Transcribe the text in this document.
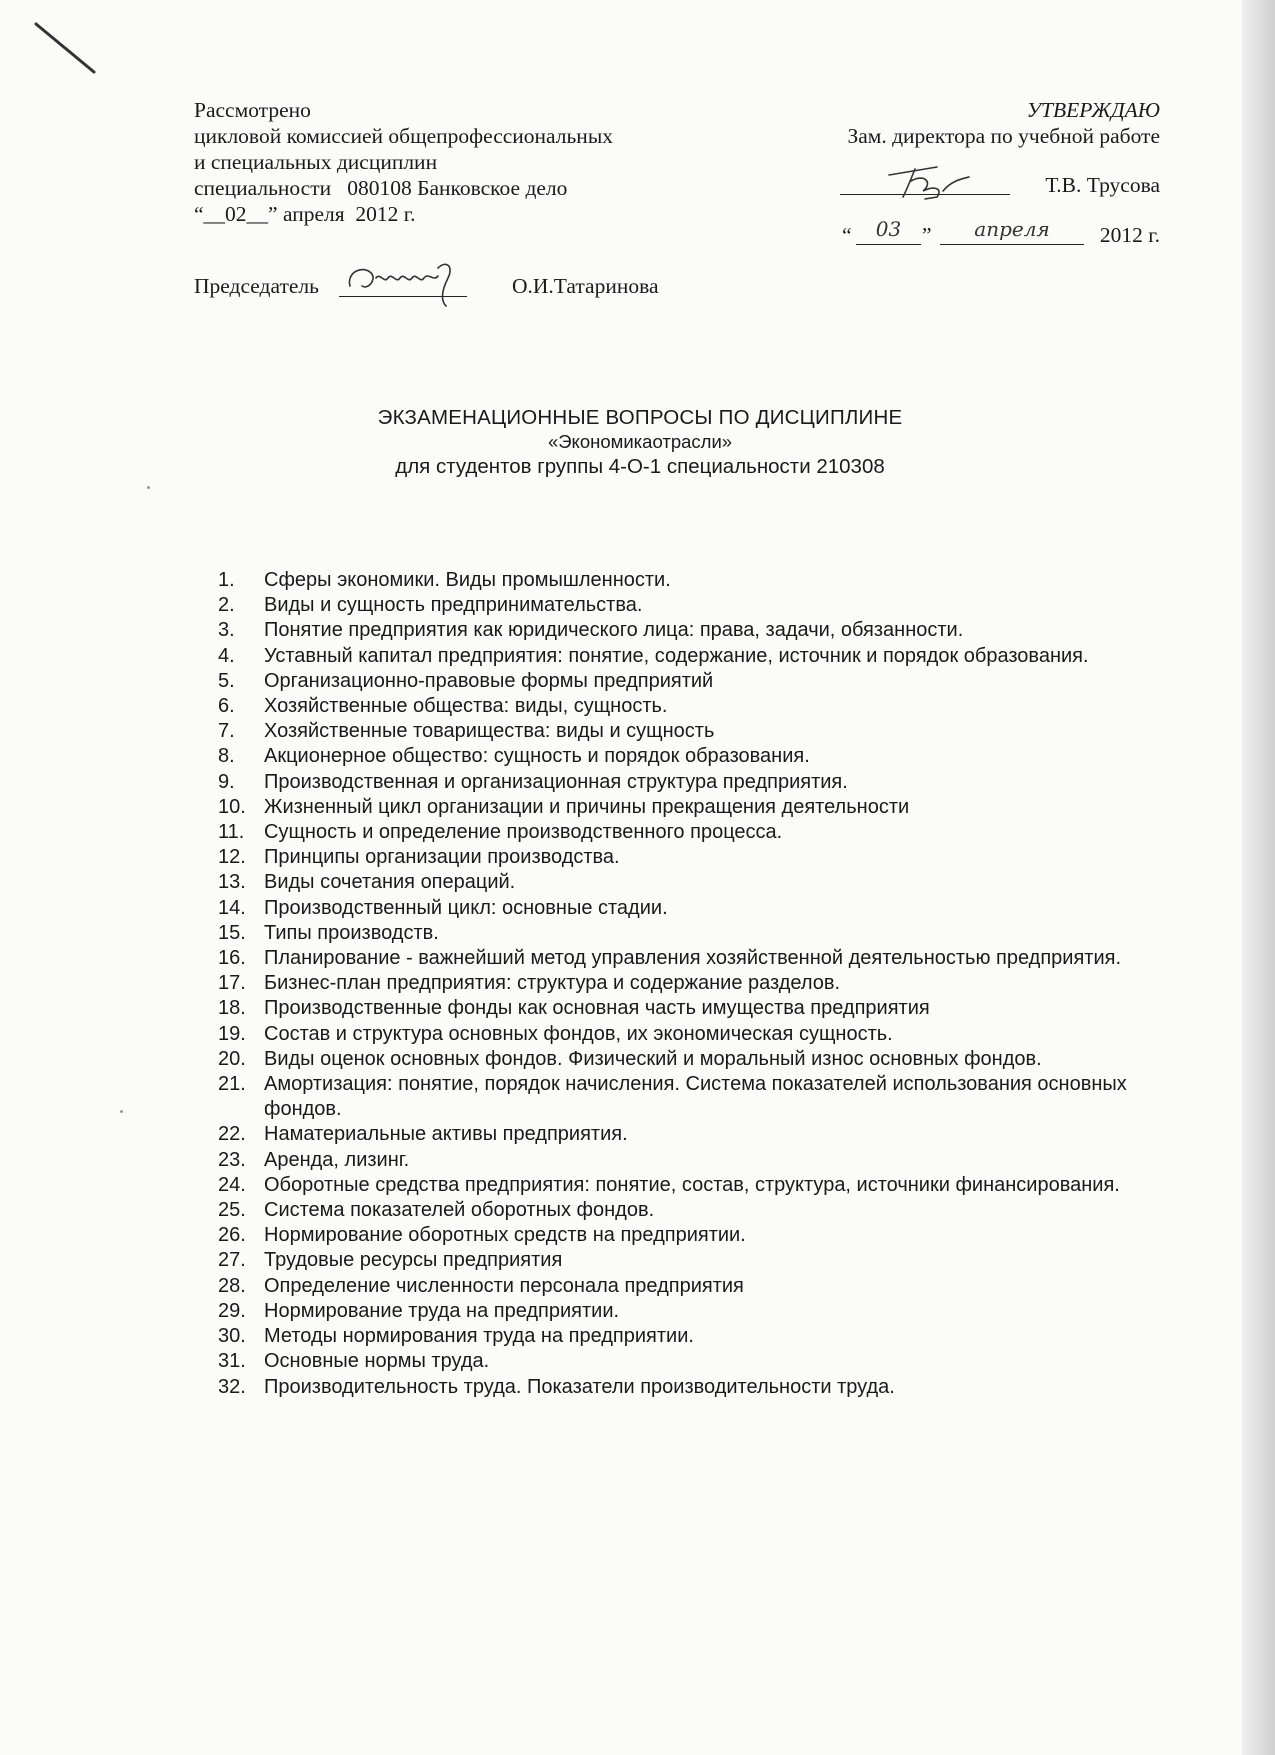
Рассмотрено
цикловой комиссией общепрофессиональных
и специальных дисциплин
специальности   080108 Банковское дело
“__02__” апреля  2012 г.
Председатель	О.И.Татаринова
УТВЕРЖДАЮ
Зам. директора по учебной работе
Т.В. Трусова
“	03 ”	апреля	2012 г.
ЭКЗАМЕНАЦИОННЫЕ ВОПРОСЫ ПО ДИСЦИПЛИНЕ
«Экономикаотрасли»
для студентов группы 4-О-1 специальности 210308
1. Сферы экономики. Виды промышленности.
2. Виды и сущность предпринимательства.
3. Понятие предприятия как юридического лица: права, задачи, обязанности.
4. Уставный капитал предприятия: понятие, содержание, источник и порядок образования.
5. Организационно-правовые формы предприятий
6. Хозяйственные общества: виды, сущность.
7. Хозяйственные товарищества: виды и сущность
8. Акционерное общество: сущность и порядок образования.
9. Производственная и организационная структура предприятия.
10. Жизненный цикл организации и причины прекращения деятельности
11. Сущность и определение производственного процесса.
12. Принципы организации производства.
13. Виды сочетания операций.
14. Производственный цикл: основные стадии.
15. Типы производств.
16. Планирование - важнейший метод управления хозяйственной деятельностью предприятия.
17. Бизнес-план предприятия: структура и содержание разделов.
18. Производственные фонды как основная часть имущества предприятия
19. Состав и структура основных фондов, их экономическая сущность.
20. Виды оценок основных фондов. Физический и моральный износ основных фондов.
21. Амортизация: понятие, порядок начисления. Система показателей использования основных фондов.
22. Наматериальные активы предприятия.
23. Аренда, лизинг.
24. Оборотные средства предприятия: понятие, состав, структура, источники финансирования.
25. Система показателей оборотных фондов.
26. Нормирование оборотных средств на предприятии.
27. Трудовые ресурсы предприятия
28. Определение численности персонала предприятия
29. Нормирование труда на предприятии.
30. Методы нормирования труда на предприятии.
31. Основные нормы труда.
32. Производительность труда. Показатели производительности труда.
